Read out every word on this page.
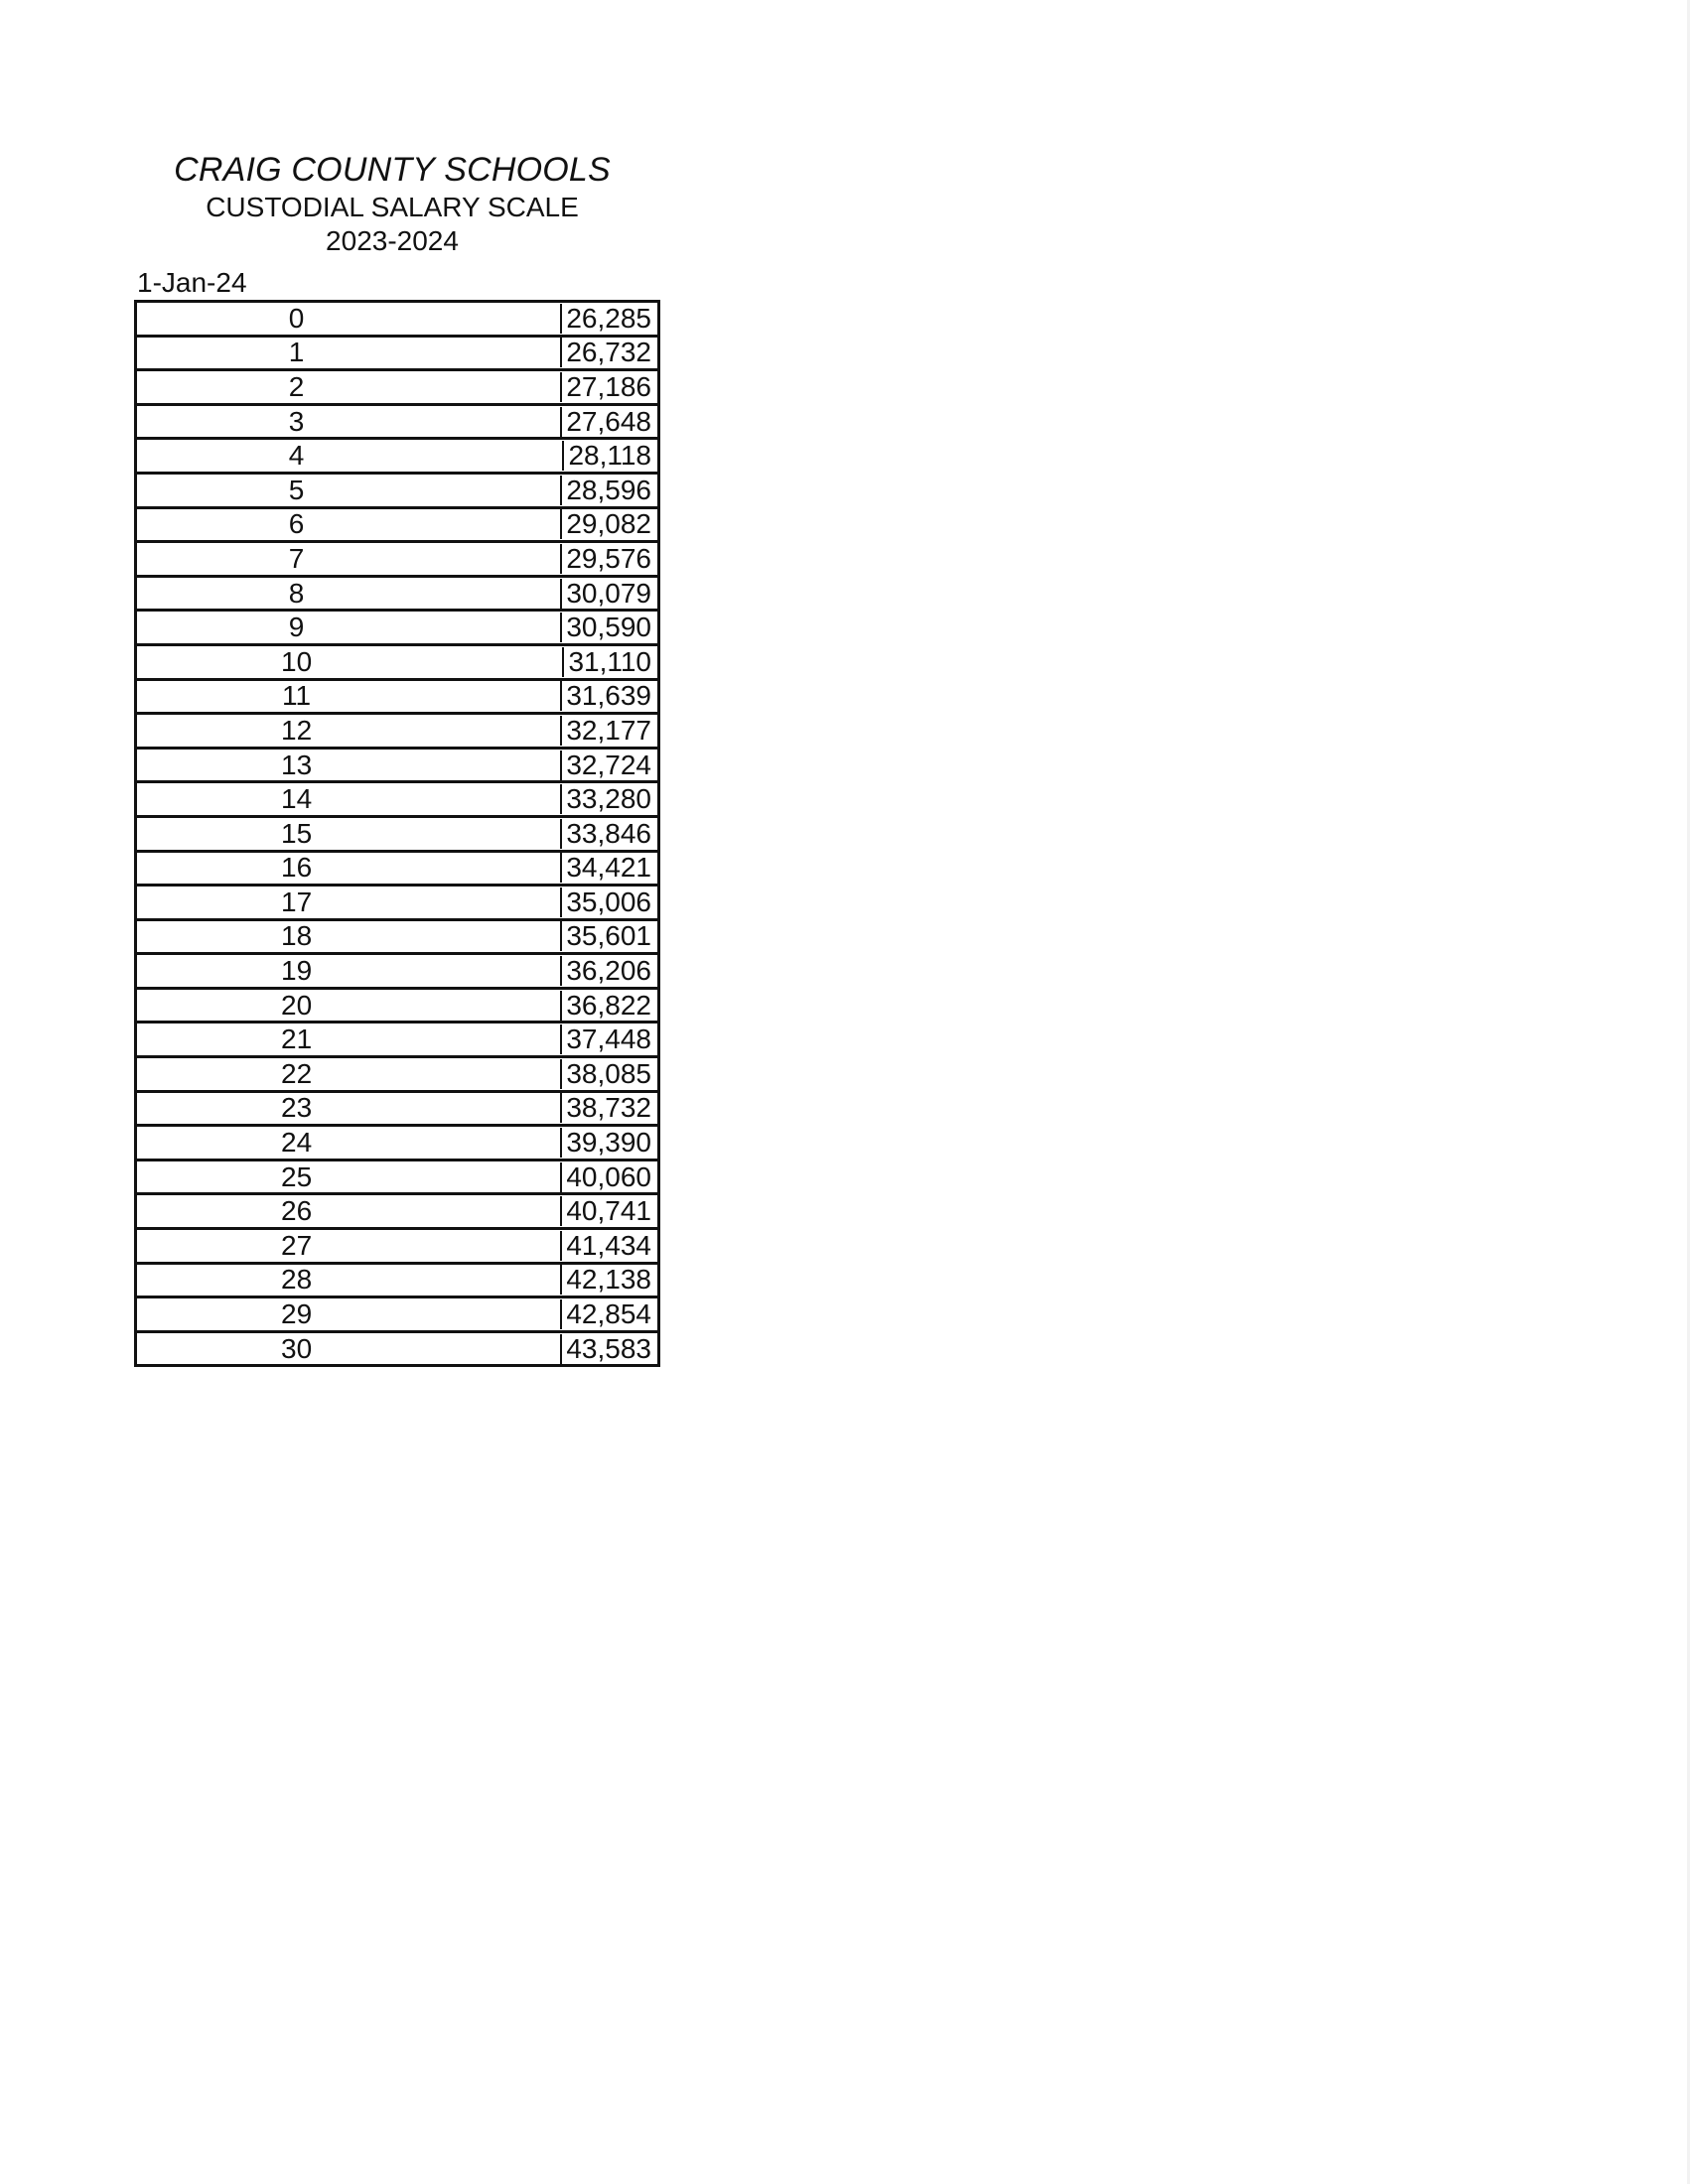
CRAIG COUNTY SCHOOLS
CUSTODIAL SALARY SCALE
2023-2024
1-Jan-24
0	26,285
1	26,732
2	27,186
3	27,648
4	28,118
5	28,596
6	29,082
7	29,576
8	30,079
9	30,590
10	31,110
11	31,639
12	32,177
13	32,724
14	33,280
15	33,846
16	34,421
17	35,006
18	35,601
19	36,206
20	36,822
21	37,448
22	38,085
23	38,732
24	39,390
25	40,060
26	40,741
27	41,434
28	42,138
29	42,854
30	43,583
